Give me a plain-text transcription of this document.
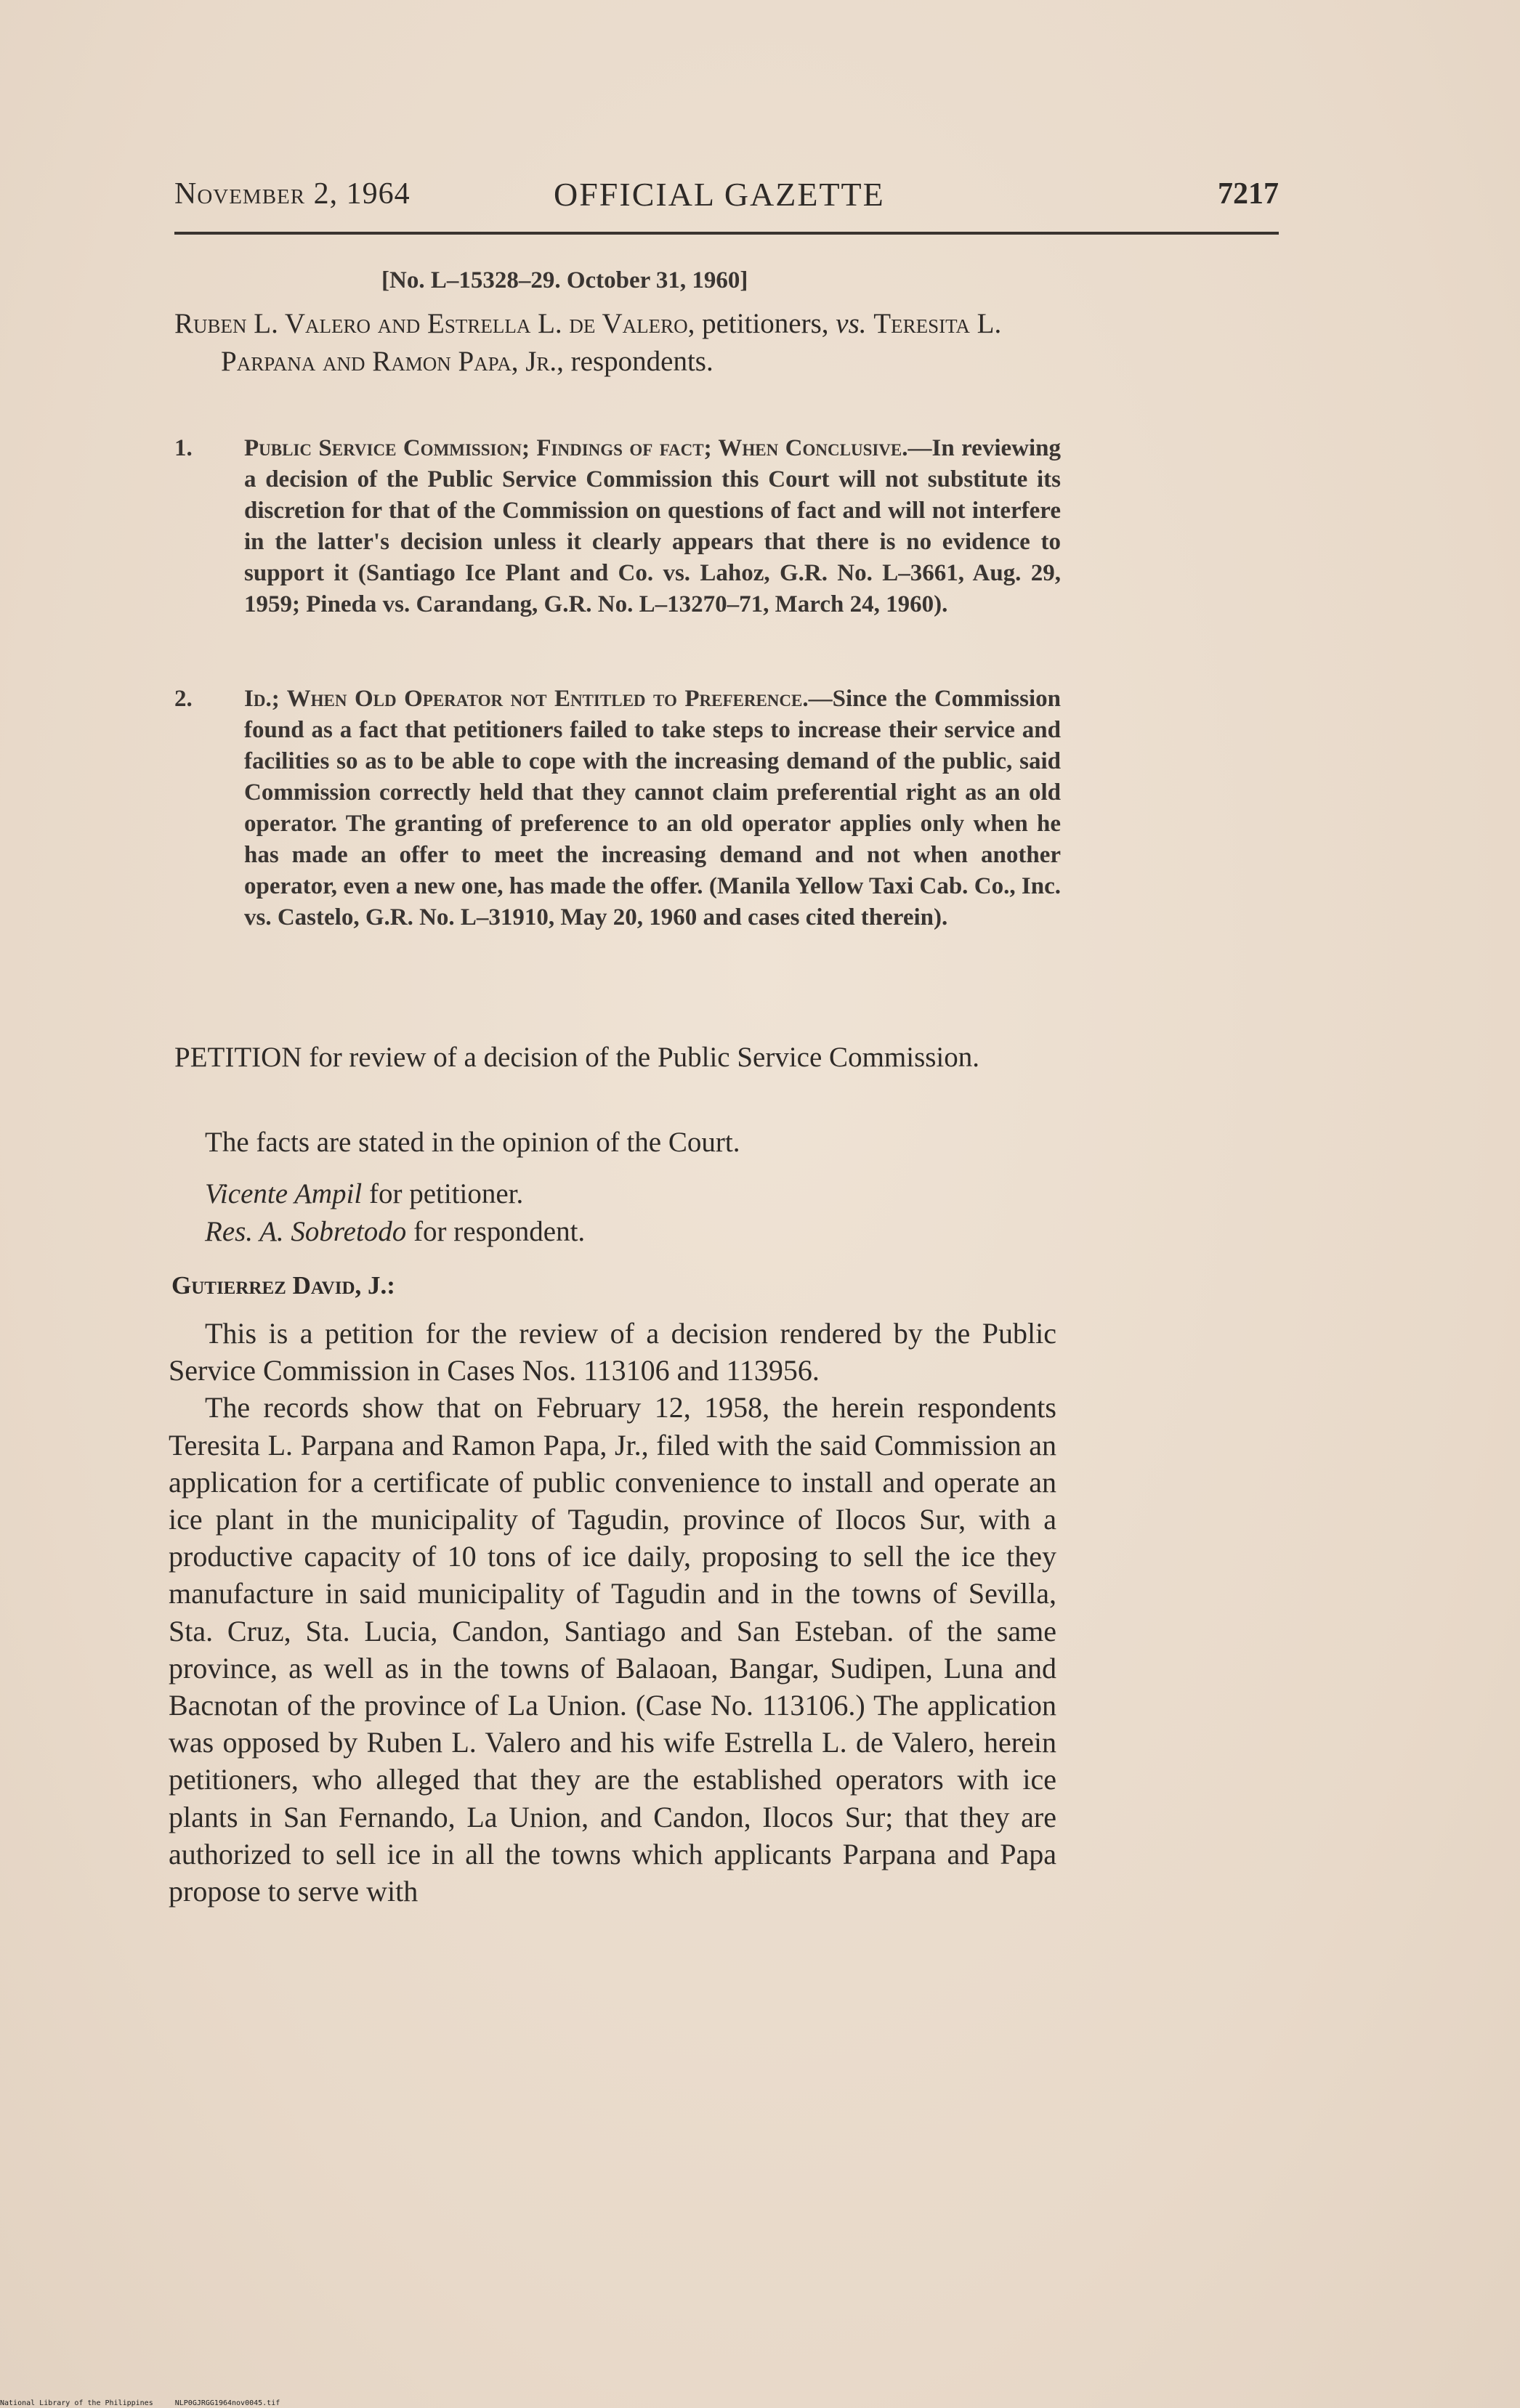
November 2, 1964	OFFICIAL GAZETTE	7217
[No. L–15328–29. October 31, 1960]
Ruben L. Valero and Estrella L. de Valero, petitioners, vs. Teresita L. Parpana and Ramon Papa, Jr., respondents.
1. Public Service Commission; Findings of fact; When Conclusive.—In reviewing a decision of the Public Service Commission this Court will not substitute its discretion for that of the Commission on questions of fact and will not interfere in the latter's decision unless it clearly appears that there is no evidence to support it (Santiago Ice Plant and Co. vs. Lahoz, G.R. No. L–3661, Aug. 29, 1959; Pineda vs. Carandang, G.R. No. L–13270–71, March 24, 1960).
2. Id.; When Old Operator not Entitled to Preference.—Since the Commission found as a fact that petitioners failed to take steps to increase their service and facilities so as to be able to cope with the increasing demand of the public, said Commission correctly held that they cannot claim preferential right as an old operator. The granting of preference to an old operator applies only when he has made an offer to meet the increasing demand and not when another operator, even a new one, has made the offer. (Manila Yellow Taxi Cab. Co., Inc. vs. Castelo, G.R. No. L–31910, May 20, 1960 and cases cited therein).
PETITION for review of a decision of the Public Service Commission.
The facts are stated in the opinion of the Court.
Vicente Ampil for petitioner.
Res. A. Sobretodo for respondent.
Gutierrez David, J.:

This is a petition for the review of a decision rendered by the Public Service Commission in Cases Nos. 113106 and 113956.

The records show that on February 12, 1958, the herein respondents Teresita L. Parpana and Ramon Papa, Jr., filed with the said Commission an application for a certificate of public convenience to install and operate an ice plant in the municipality of Tagudin, province of Ilocos Sur, with a productive capacity of 10 tons of ice daily, proposing to sell the ice they manufacture in said municipality of Tagudin and in the towns of Sevilla, Sta. Cruz, Sta. Lucia, Candon, Santiago and San Esteban. of the same province, as well as in the towns of Balaoan, Bangar, Sudipen, Luna and Bacnotan of the province of La Union. (Case No. 113106.) The application was opposed by Ruben L. Valero and his wife Estrella L. de Valero, herein petitioners, who alleged that they are the established operators with ice plants in San Fernando, La Union, and Candon, Ilocos Sur; that they are authorized to sell ice in all the towns which applicants Parpana and Papa propose to serve with

National Library of the Philippines	NLP0GJRGG1964nov0045.tif
